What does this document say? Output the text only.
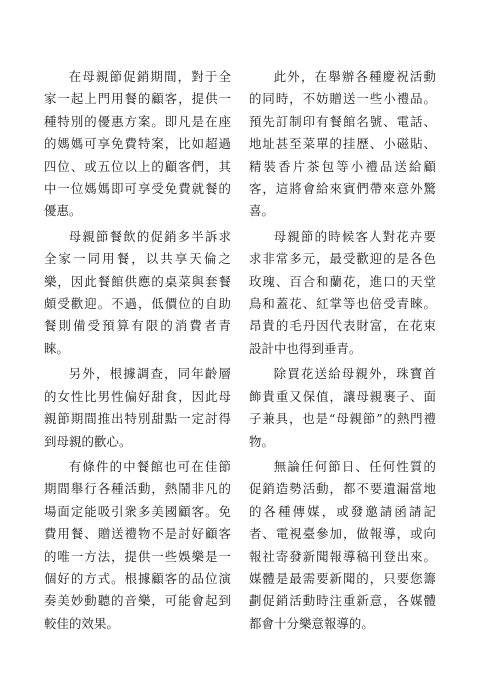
在母親節促銷期間，對于全家一起上門用餐的顧客，提供一種特別的優惠方案。即凡是在座的媽媽可享免費特案，比如超過四位、或五位以上的顧客們，其中一位媽媽即可享受免費就餐的優惠。

母親節餐飲的促銷多半訴求全家一同用餐，以共享天倫之樂，因此餐館供應的桌菜與套餐頗受歡迎。不過，低價位的自助餐則備受預算有限的消費者青睞。

另外，根據調查，同年齡層的女性比男性偏好甜食，因此母親節期間推出特別甜點一定討得到母親的歡心。

有條件的中餐館也可在佳節期間舉行各種活動，熱鬧非凡的場面定能吸引衆多美國顧客。免費用餐、贈送禮物不是討好顧客的唯一方法，提供一些娛樂是一個好的方式。根據顧客的品位演奏美妙動聽的音樂，可能會起到較佳的效果。

此外，在舉辦各種慶祝活動的同時，不妨贈送一些小禮品。預先訂制印有餐館名號、電話、地址甚至菜單的挂歷、小磁貼、精裝香片茶包等小禮品送給顧客，這將會給來賓們帶來意外驚喜。

母親節的時候客人對花卉要求非常多元，最受歡迎的是各色玫瑰、百合和蘭花，進口的天堂鳥和蓋花、紅掌等也倍受青睞。昂貴的毛丹因代表財富，在花束設計中也得到垂青。

除買花送給母親外，珠寶首飾貴重又保值，讓母親裹子、面子兼具，也是“母親節”的熱門禮物。

無論任何節日、任何性質的促銷造勢活動，都不要遺漏當地的各種傳媒，或發邀請函請記者、電視臺參加，做報導，或向報社寄發新聞報導稿刊登出來。媒體是最需要新聞的，只要您籌劃促銷活動時注重新意，各媒體都會十分樂意報導的。
